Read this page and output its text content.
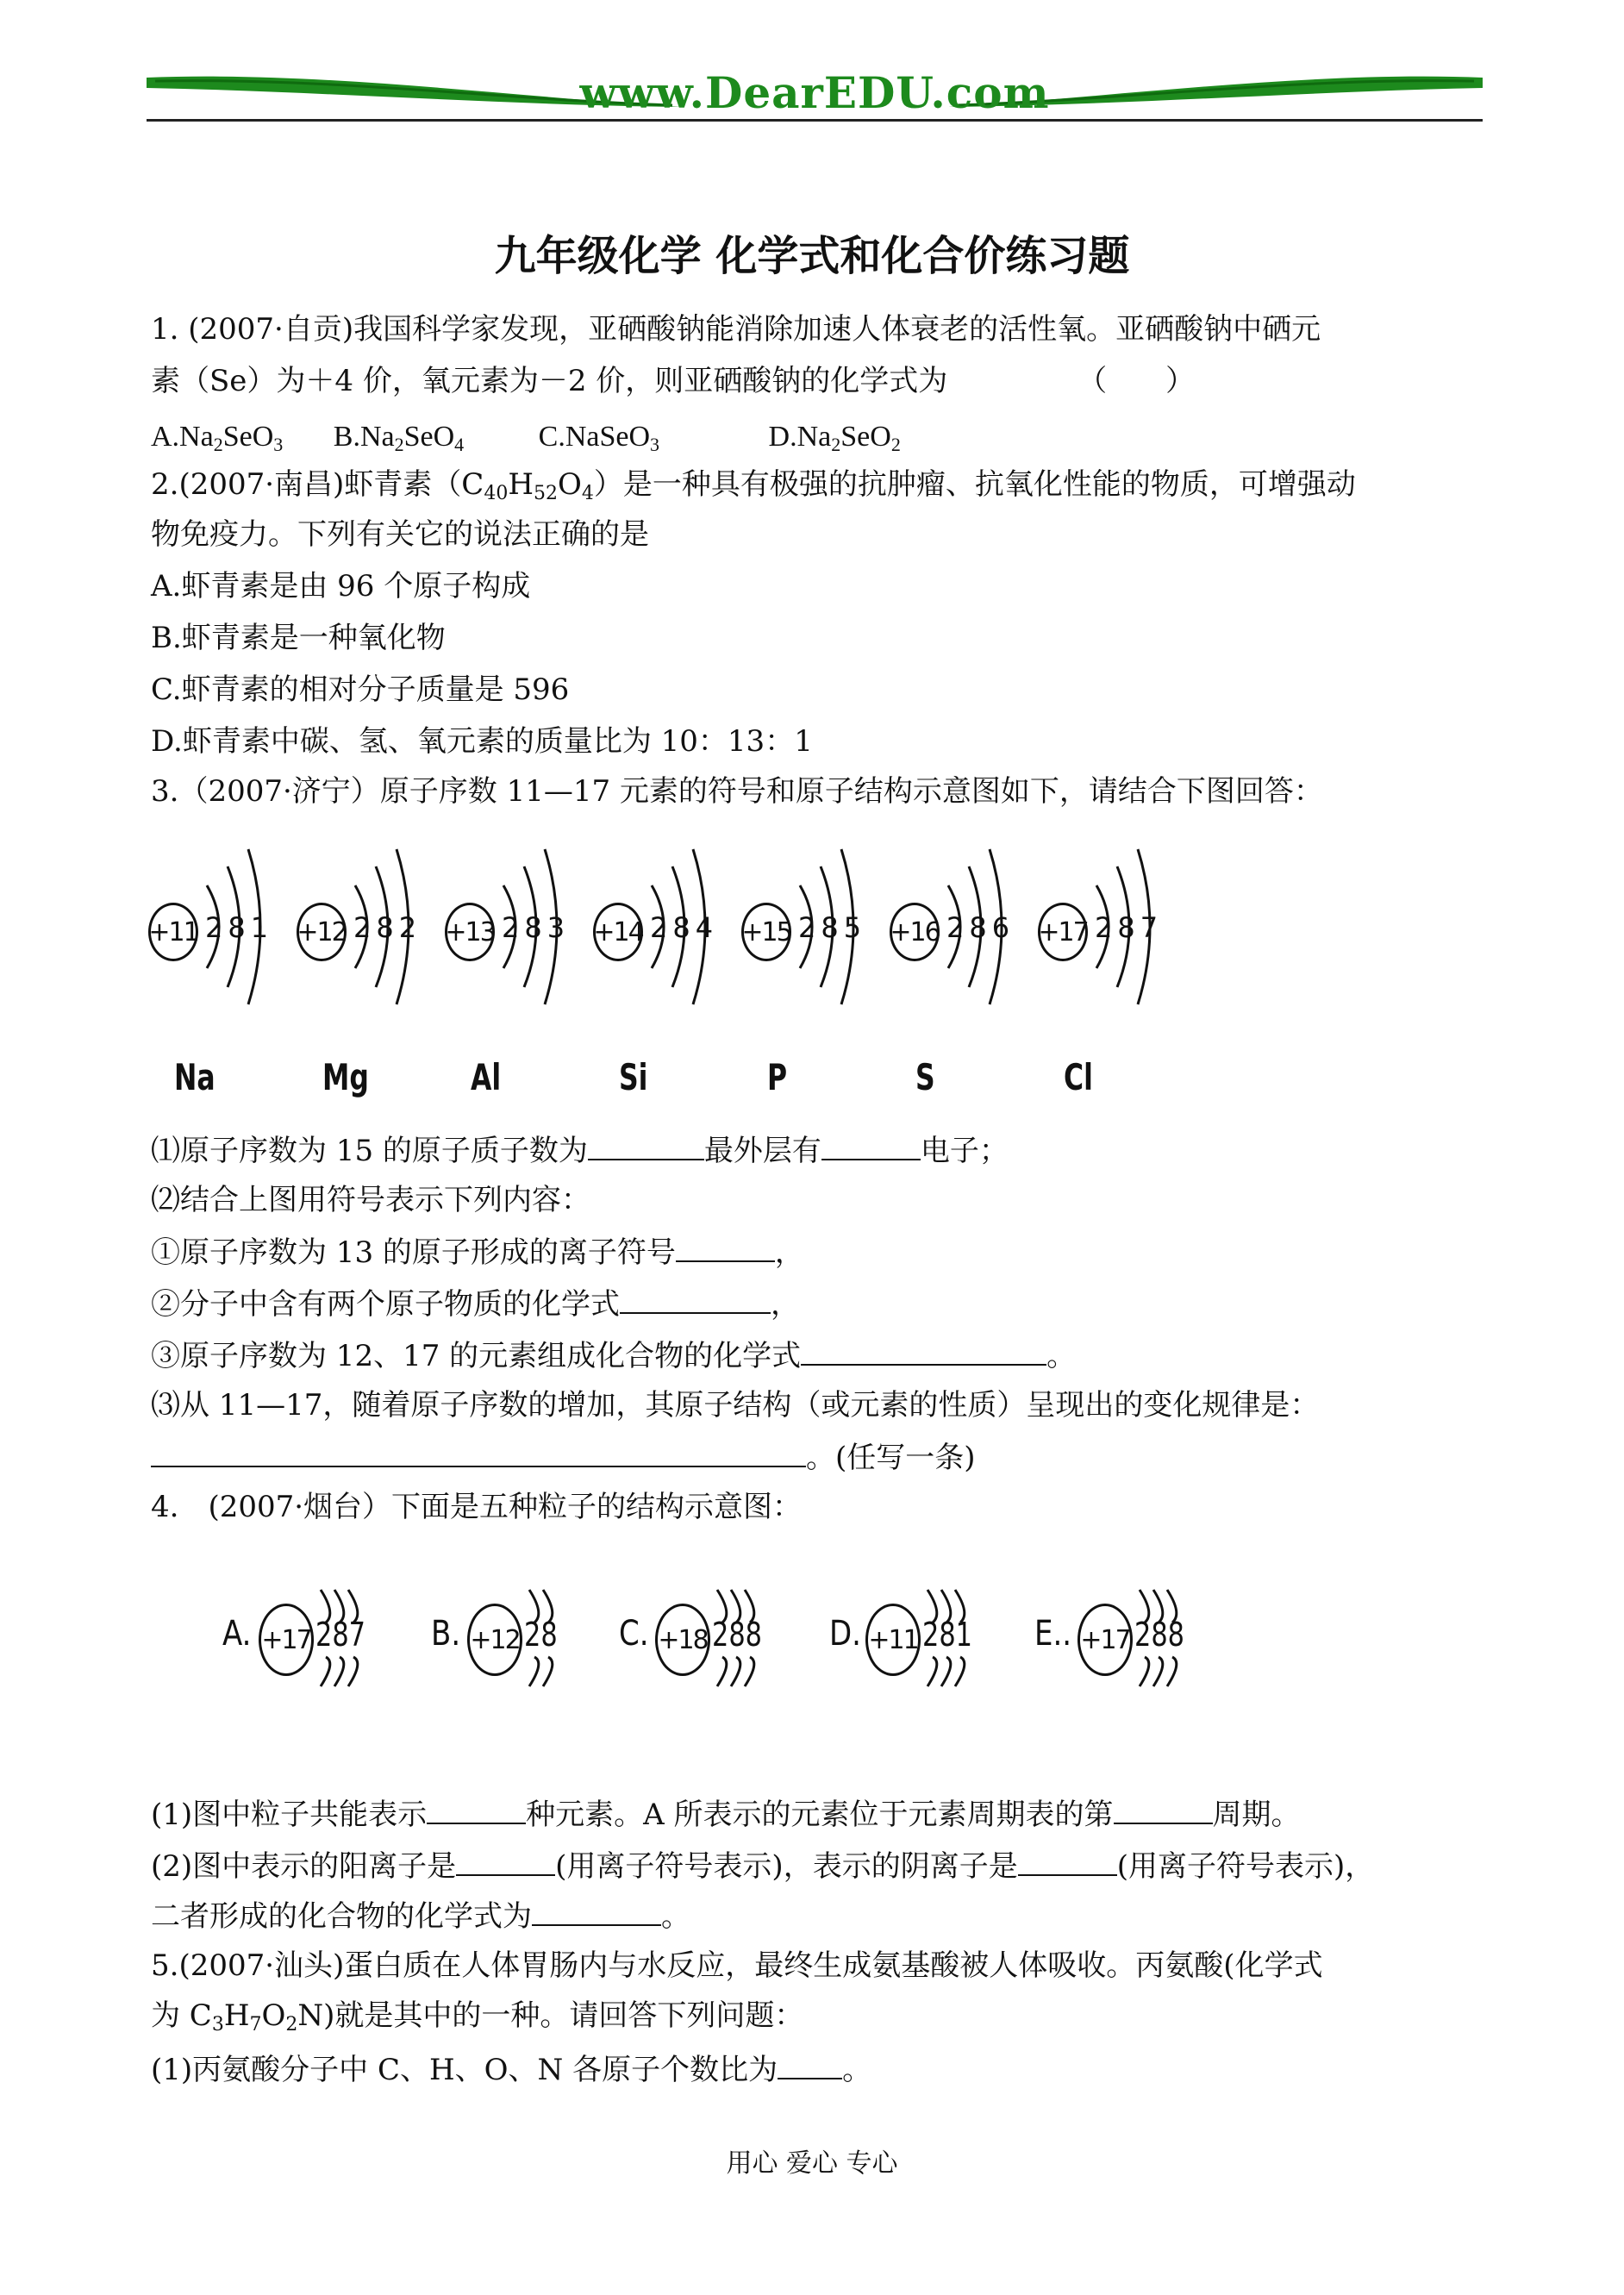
www.DearEDU.com
九年级化学 化学式和化合价练习题
1. (2007·自贡)我国科学家发现，亚硒酸钠能消除加速人体衰老的活性氧。亚硒酸钠中硒元
素（Se）为＋4 价，氧元素为－2 价，则亚硒酸钠的化学式为	（　　）
$A.Na_2SeO_3$ $B.Na_2SeO_4$	C.NaSeO$_3$	$D.Na_2SeO_2$
2.(2007·南昌)虾青素$(C_{40}H_{52}O_4)$是一种具有极强的抗肿瘤、抗氧化性能的物质，可增强动
物免疫力。下列有关它的说法正确的是
A.虾青素是由 96 个原子构成
B.虾青素是一种氧化物
C.虾青素的相对分子质量是 596
D.虾青素中碳、氢、氧元素的质量比为 10：13：1
3.（2007·济宁）原子序数 11—17 元素的符号和原子结构示意图如下，请结合下图回答：
+11 281
Na
+12 282
Mg
+13 283
Al
+14 284
Si
+15 285
P
+16 286
S
+17 287
Cl
⑴原子序数为 15 的原子质子数为	最外层有	电子；
⑵结合上图用符号表示下列内容：
①原子序数为 13 的原子形成的离子符号	，
②分子中含有两个原子物质的化学式	，
③原子序数为 12、17 的元素组成化合物的化学式	。
⑶从 11—17，随着原子序数的增加，其原子结构（或元素的性质）呈现出的变化规律是：
。(任写一条)
4.　(2007·烟台）下面是五种粒子的结构示意图：
A. +17 287 B. +12 28 C. +18 288 D. +11 281 E.. +17 288
(1)图中粒子共能表示	种元素。A 所表示的元素位于元素周期表的第	周期。
(2)图中表示的阳离子是	(用离子符号表示)，表示的阴离子是	(用离子符号表示)，
二者形成的化合物的化学式为	。
5.(2007·汕头)蛋白质在人体胃肠内与水反应，最终生成氨基酸被人体吸收。丙氨酸(化学式
为 $C_3H_7O_2N$)就是其中的一种。请回答下列问题：
(1)丙氨酸分子中 C、H、O、N 各原子个数比为 。
用心 爱心 专心
